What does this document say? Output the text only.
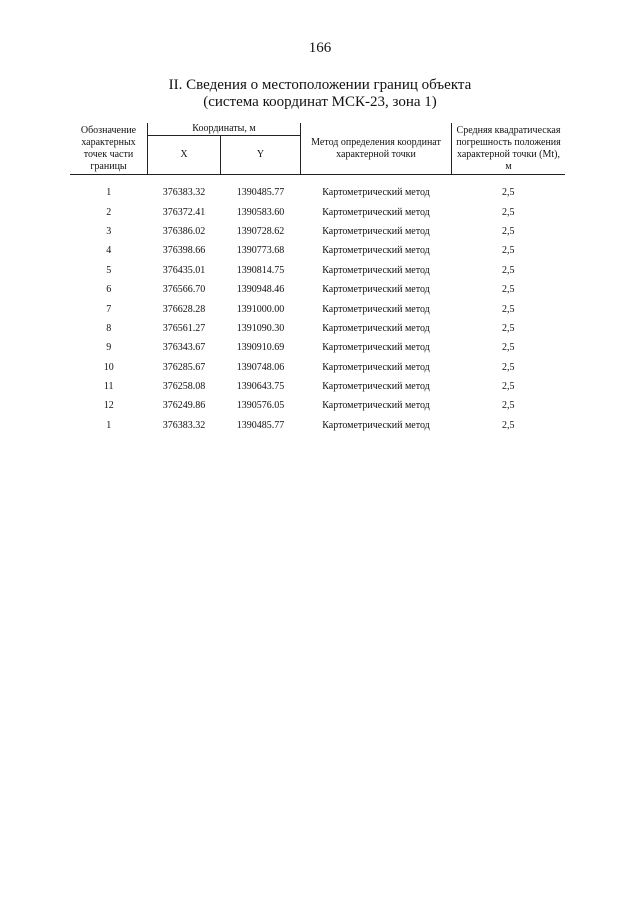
166
II. Сведения о местоположении границ объекта
(система координат МСК-23, зона 1)
Обозначение характерных точек части границы	Координаты, м		Метод определения координат характерной точки	Средняя квадратическая погрешность положения характерной точки (Мt), м
	X	Y		
1	376383.32	1390485.77	Картометрический метод	2,5
2	376372.41	1390583.60	Картометрический метод	2,5
3	376386.02	1390728.62	Картометрический метод	2,5
4	376398.66	1390773.68	Картометрический метод	2,5
5	376435.01	1390814.75	Картометрический метод	2,5
6	376566.70	1390948.46	Картометрический метод	2,5
7	376628.28	1391000.00	Картометрический метод	2,5
8	376561.27	1391090.30	Картометрический метод	2,5
9	376343.67	1390910.69	Картометрический метод	2,5
10	376285.67	1390748.06	Картометрический метод	2,5
11	376258.08	1390643.75	Картометрический метод	2,5
12	376249.86	1390576.05	Картометрический метод	2,5
1	376383.32	1390485.77	Картометрический метод	2,5
